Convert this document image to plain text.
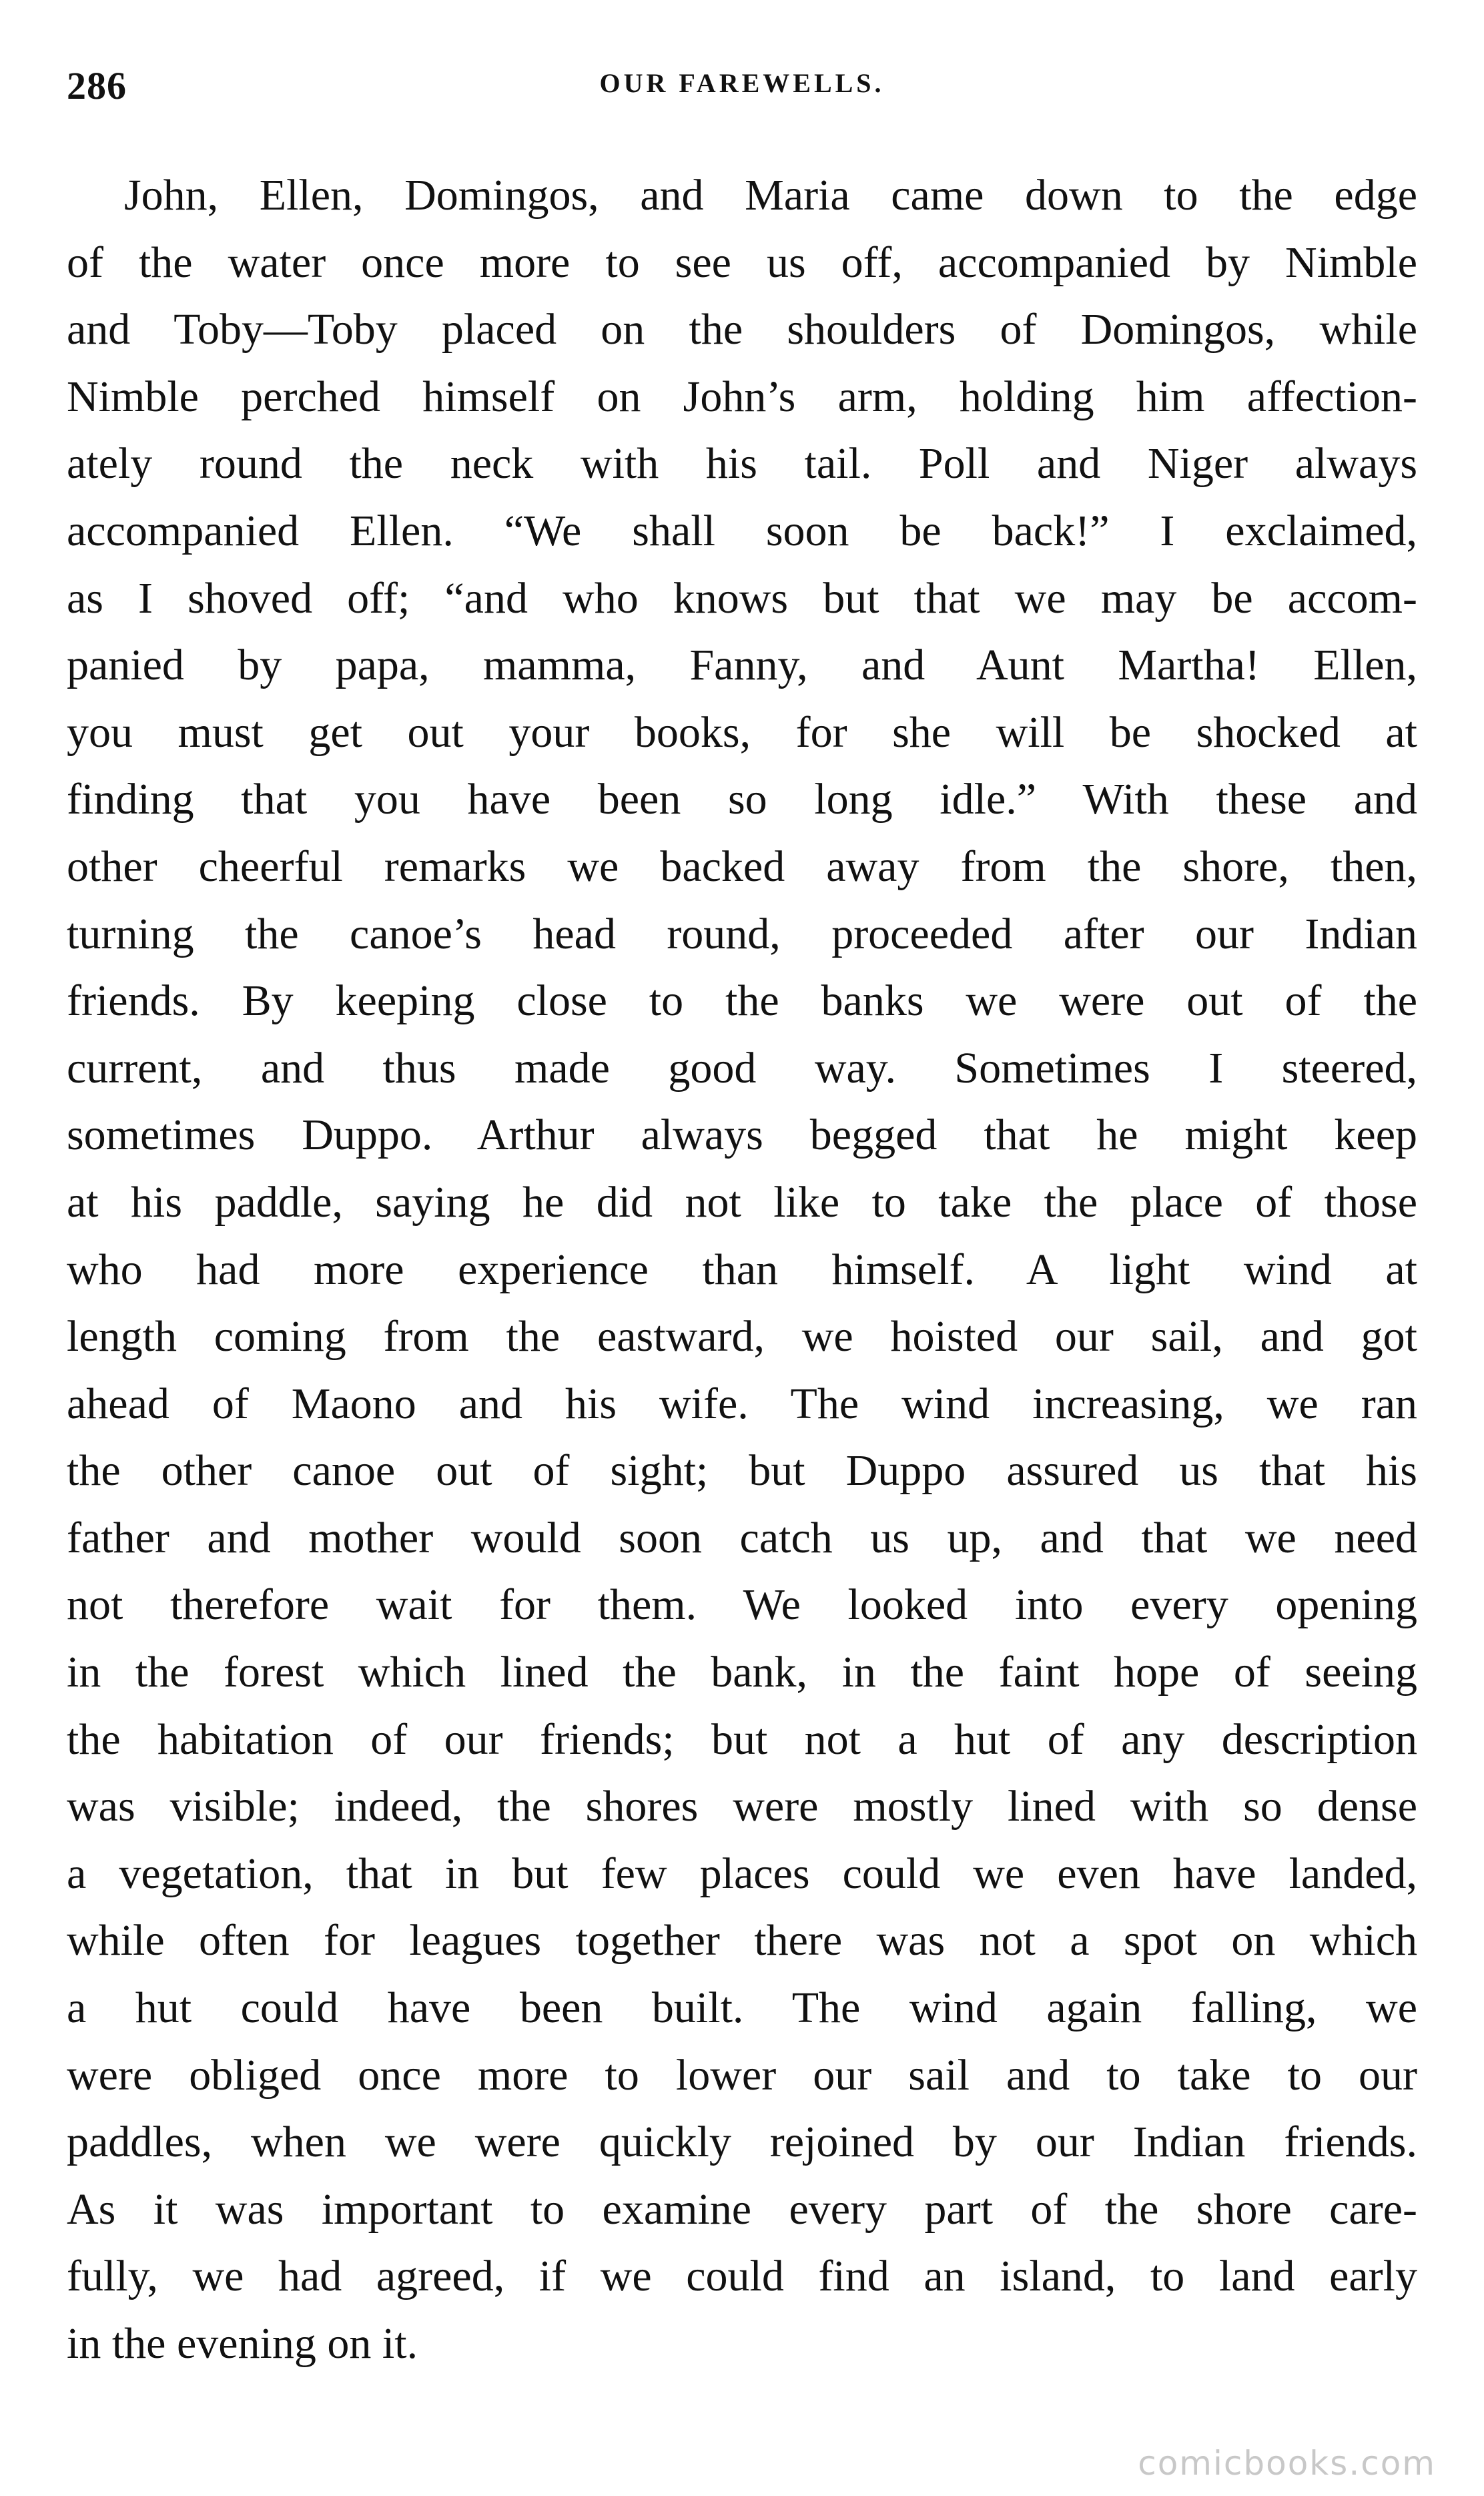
286	OUR FAREWELLS.
John, Ellen, Domingos, and Maria came down to the edge
of the water once more to see us off, accompanied by Nimble
and Toby—Toby placed on the shoulders of Domingos, while
Nimble perched himself on John’s arm, holding him affection-
ately round the neck with his tail. Poll and Niger always
accompanied Ellen. “We shall soon be back!” I exclaimed,
as I shoved off; “and who knows but that we may be accom-
panied by papa, mamma, Fanny, and Aunt Martha! Ellen,
you must get out your books, for she will be shocked at
finding that you have been so long idle.” With these and
other cheerful remarks we backed away from the shore, then,
turning the canoe’s head round, proceeded after our Indian
friends. By keeping close to the banks we were out of the
current, and thus made good way. Sometimes I steered,
sometimes Duppo. Arthur always begged that he might keep
at his paddle, saying he did not like to take the place of those
who had more experience than himself. A light wind at
length coming from the eastward, we hoisted our sail, and got
ahead of Maono and his wife. The wind increasing, we ran
the other canoe out of sight; but Duppo assured us that his
father and mother would soon catch us up, and that we need
not therefore wait for them. We looked into every opening
in the forest which lined the bank, in the faint hope of seeing
the habitation of our friends; but not a hut of any description
was visible; indeed, the shores were mostly lined with so dense
a vegetation, that in but few places could we even have landed,
while often for leagues together there was not a spot on which
a hut could have been built. The wind again falling, we
were obliged once more to lower our sail and to take to our
paddles, when we were quickly rejoined by our Indian friends.
As it was important to examine every part of the shore care-
fully, we had agreed, if we could find an island, to land early
in the evening on it.
comicbooks.com
